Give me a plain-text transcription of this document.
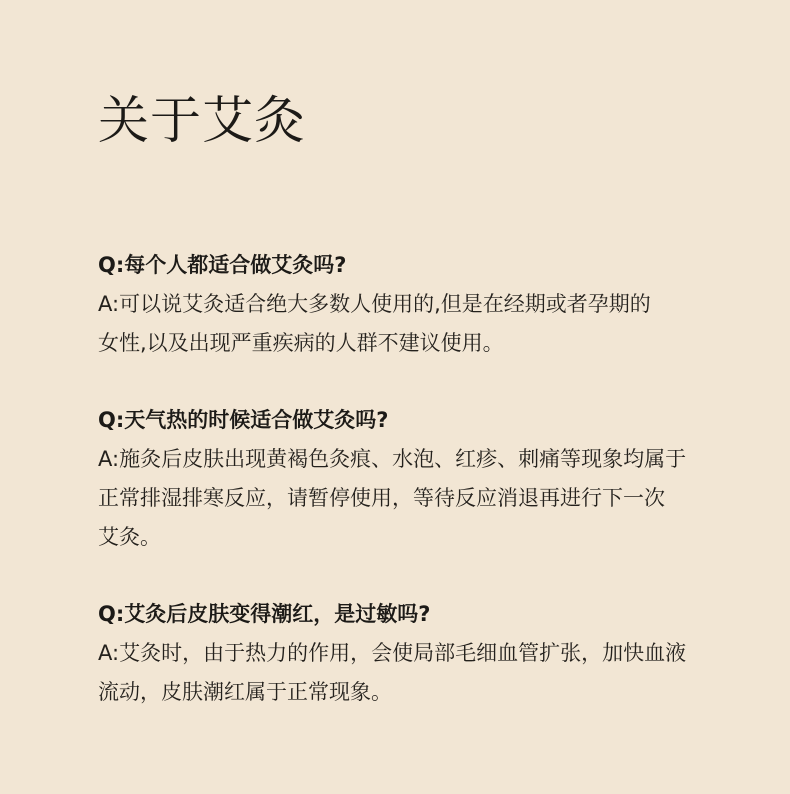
关于艾灸
Q:每个人都适合做艾灸吗?
A:可以说艾灸适合绝大多数人使用的,但是在经期或者孕期的
女性,以及出现严重疾病的人群不建议使用。
Q:天气热的时候适合做艾灸吗?
A:施灸后皮肤出现黄褐色灸痕、水泡、红疹、刺痛等现象均属于
正常排湿排寒反应，请暂停使用，等待反应消退再进行下一次
艾灸。
Q:艾灸后皮肤变得潮红，是过敏吗?
A:艾灸时，由于热力的作用，会使局部毛细血管扩张，加快血液
流动，皮肤潮红属于正常现象。
